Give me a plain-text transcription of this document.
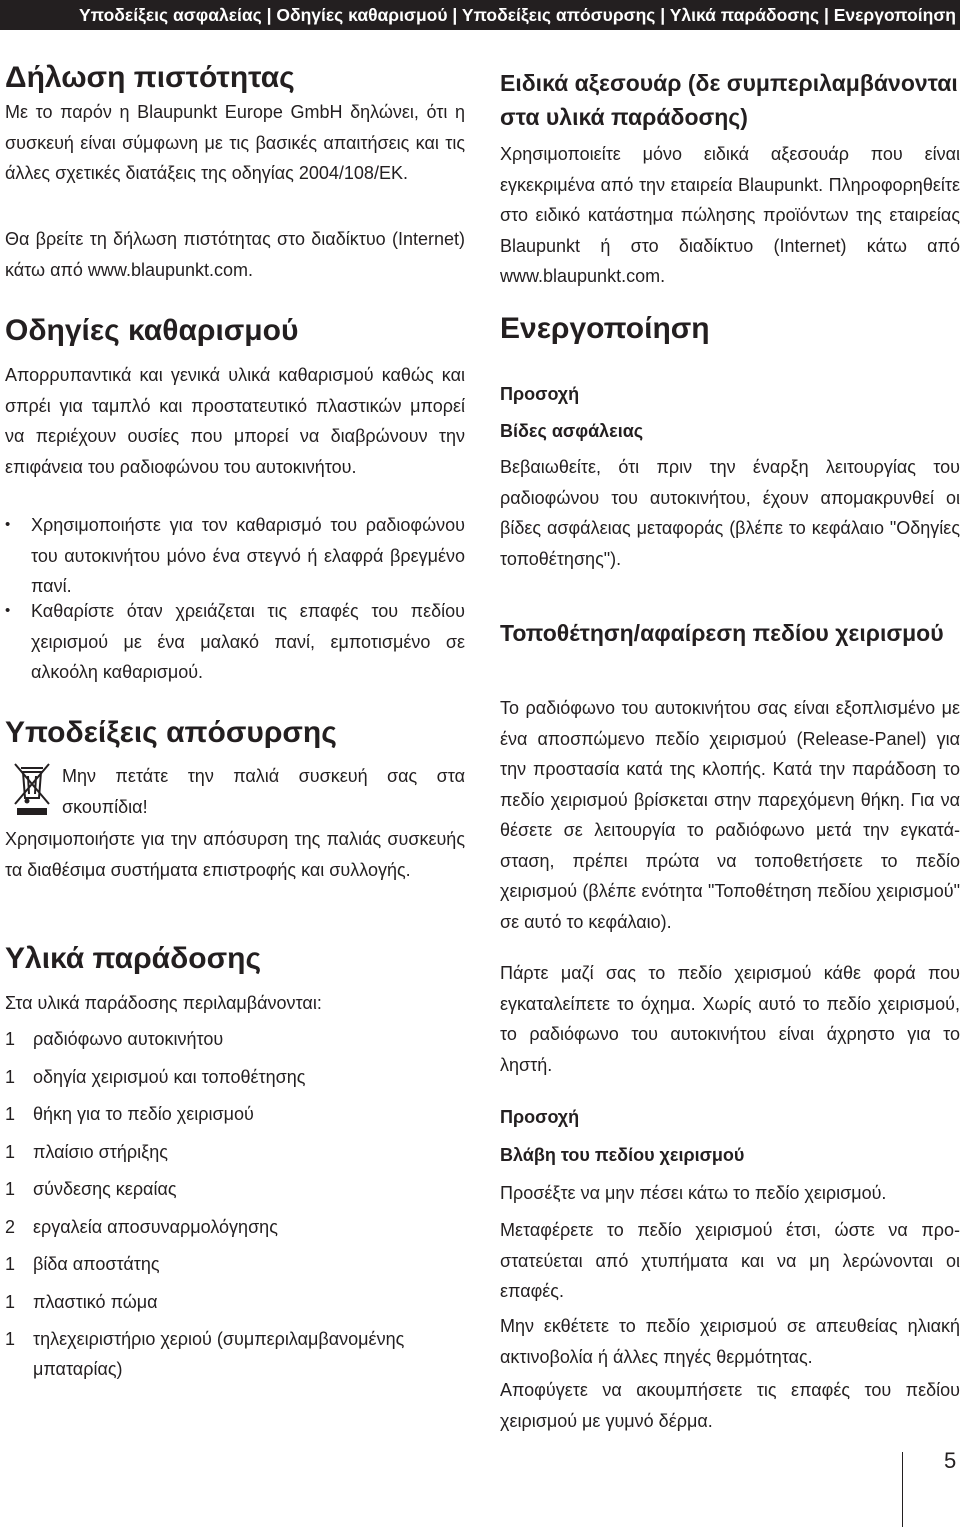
Υποδείξεις ασφαλείας | Οδηγίες καθαρισμού | Υποδείξεις απόσυρσης | Υλικά παράδοσης | Ενεργοποίηση
Δήλωση πιστότητας

Με το παρόν η Blaupunkt Europe GmbH δηλώνει, ότι η συσκευή είναι σύμφωνη με τις βασικές απαιτήσεις και τις άλλες σχετικές διατάξεις της οδηγίας 2004/108/ΕΚ.

Θα βρείτε τη δήλωση πιστότητας στο διαδίκτυο (Internet) κάτω από www.blaupunkt.com.

Οδηγίες καθαρισμού

Απορρυπαντικά και γενικά υλικά καθαρισμού καθώς και σπρέι για ταμπλό και προστατευτικό πλαστικών μπορεί να περιέχουν ουσίες που μπορεί να διαβρώνουν την επιφάνεια του ραδιοφώνου του αυτοκινήτου.

• Χρησιμοποιήστε για τον καθαρισμό του ραδιοφώνου του αυτοκινήτου μόνο ένα στεγνό ή ελαφρά βρεγμένο πανί.

• Καθαρίστε όταν χρειάζεται τις επαφές του πεδίου χειρισμού με ένα μαλακό πανί, εμποτισμένο σε αλκοόλη καθαρισμού.

Υποδείξεις απόσυρσης

Μην πετάτε την παλιά συσκευή σας στα σκουπίδια!

Χρησιμοποιήστε για την απόσυρση της παλιάς συσκευής τα διαθέσιμα συστήματα επιστροφής και συλλογής.

Υλικά παράδοσης

Στα υλικά παράδοσης περιλαμβάνονται:

1 ραδιόφωνο αυτοκινήτου
1 οδηγία χειρισμού και τοποθέτησης
1 θήκη για το πεδίο χειρισμού
1 πλαίσιο στήριξης
1 σύνδεσης κεραίας
2 εργαλεία αποσυναρμολόγησης
1 βίδα αποστάτης
1 πλαστικό πώμα
1 τηλεχειριστήριο χεριού (συμπεριλαμβανομένης μπαταρίας)
Ειδικά αξεσουάρ (δε συμπεριλαμβάνονται στα υλικά παράδοσης)

Χρησιμοποιείτε μόνο ειδικά αξεσουάρ που είναι εγκεκριμένα από την εταιρεία Blaupunkt. Πληροφορηθείτε στο ειδικό κατάστημα πώλησης προϊόντων της εταιρείας Blaupunkt ή στο διαδίκτυο (Internet) κάτω από www.blaupunkt.com.

Ενεργοποίηση
Προσοχή
Βίδες ασφάλειας

Βεβαιωθείτε, ότι πριν την έναρξη λειτουργίας του ραδιοφώνου του αυτοκινήτου, έχουν απομακρυνθεί οι βίδες ασφάλειας μεταφοράς (βλέπε το κεφάλαιο "Οδηγίες τοποθέτησης").

Τοποθέτηση/αφαίρεση πεδίου χειρισμού

Το ραδιόφωνο του αυτοκινήτου σας είναι εξοπλισμένο με ένα αποσπώμενο πεδίο χειρισμού (Release-Panel) για την προστασία κατά της κλοπής. Κατά την παράδοση το πεδίο χειρισμού βρίσκεται στην παρεχόμενη θήκη. Για να θέσετε σε λειτουργία το ραδιόφωνο μετά την εγκατάσταση, πρέπει πρώτα να τοποθετήσετε το πεδίο χειρισμού (βλέπε ενότητα "Τοποθέτηση πεδίου χειρισμού" σε αυτό το κεφάλαιο).

Πάρτε μαζί σας το πεδίο χειρισμού κάθε φορά που εγκαταλείπετε το όχημα. Χωρίς αυτό το πεδίο χειρισμού, το ραδιόφωνο του αυτοκινήτου είναι άχρηστο για το ληστή.

Προσοχή
Βλάβη του πεδίου χειρισμού

Προσέξτε να μην πέσει κάτω το πεδίο χειρισμού.

Μεταφέρετε το πεδίο χειρισμού έτσι, ώστε να προστατεύεται από χτυπήματα και να μη λερώνονται οι επαφές.

Μην εκθέτετε το πεδίο χειρισμού σε απευθείας ηλιακή ακτινοβολία ή άλλες πηγές θερμότητας.

Αποφύγετε να ακουμπήσετε τις επαφές του πεδίου χειρισμού με γυμνό δέρμα.

5
